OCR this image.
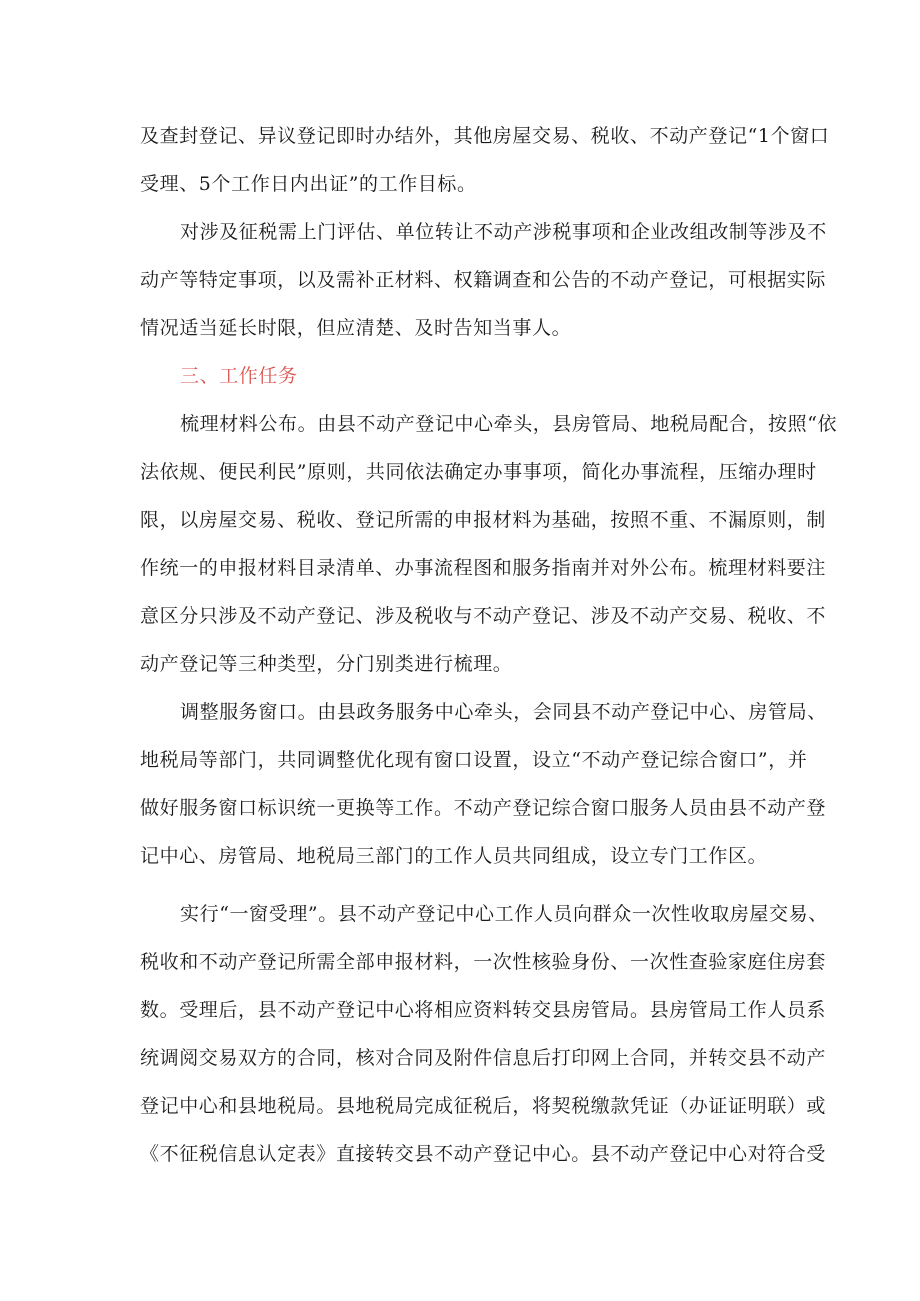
及查封登记、异议登记即时办结外，其他房屋交易、税收、不动产登记“1个窗口
受理、5个工作日内出证”的工作目标。
对涉及征税需上门评估、单位转让不动产涉税事项和企业改组改制等涉及不
动产等特定事项，以及需补正材料、权籍调查和公告的不动产登记，可根据实际
情况适当延长时限，但应清楚、及时告知当事人。
三、工作任务
梳理材料公布。由县不动产登记中心牵头，县房管局、地税局配合，按照“依
法依规、便民利民”原则，共同依法确定办事事项，简化办事流程，压缩办理时
限，以房屋交易、税收、登记所需的申报材料为基础，按照不重、不漏原则，制
作统一的申报材料目录清单、办事流程图和服务指南并对外公布。梳理材料要注
意区分只涉及不动产登记、涉及税收与不动产登记、涉及不动产交易、税收、不
动产登记等三种类型，分门别类进行梳理。
调整服务窗口。由县政务服务中心牵头，会同县不动产登记中心、房管局、
地税局等部门，共同调整优化现有窗口设置，设立“不动产登记综合窗口”，并
做好服务窗口标识统一更换等工作。不动产登记综合窗口服务人员由县不动产登
记中心、房管局、地税局三部门的工作人员共同组成，设立专门工作区。
实行“一窗受理”。县不动产登记中心工作人员向群众一次性收取房屋交易、
税收和不动产登记所需全部申报材料，一次性核验身份、一次性查验家庭住房套
数。受理后，县不动产登记中心将相应资料转交县房管局。县房管局工作人员系
统调阅交易双方的合同，核对合同及附件信息后打印网上合同，并转交县不动产
登记中心和县地税局。县地税局完成征税后，将契税缴款凭证（办证证明联）或
《不征税信息认定表》直接转交县不动产登记中心。县不动产登记中心对符合受
